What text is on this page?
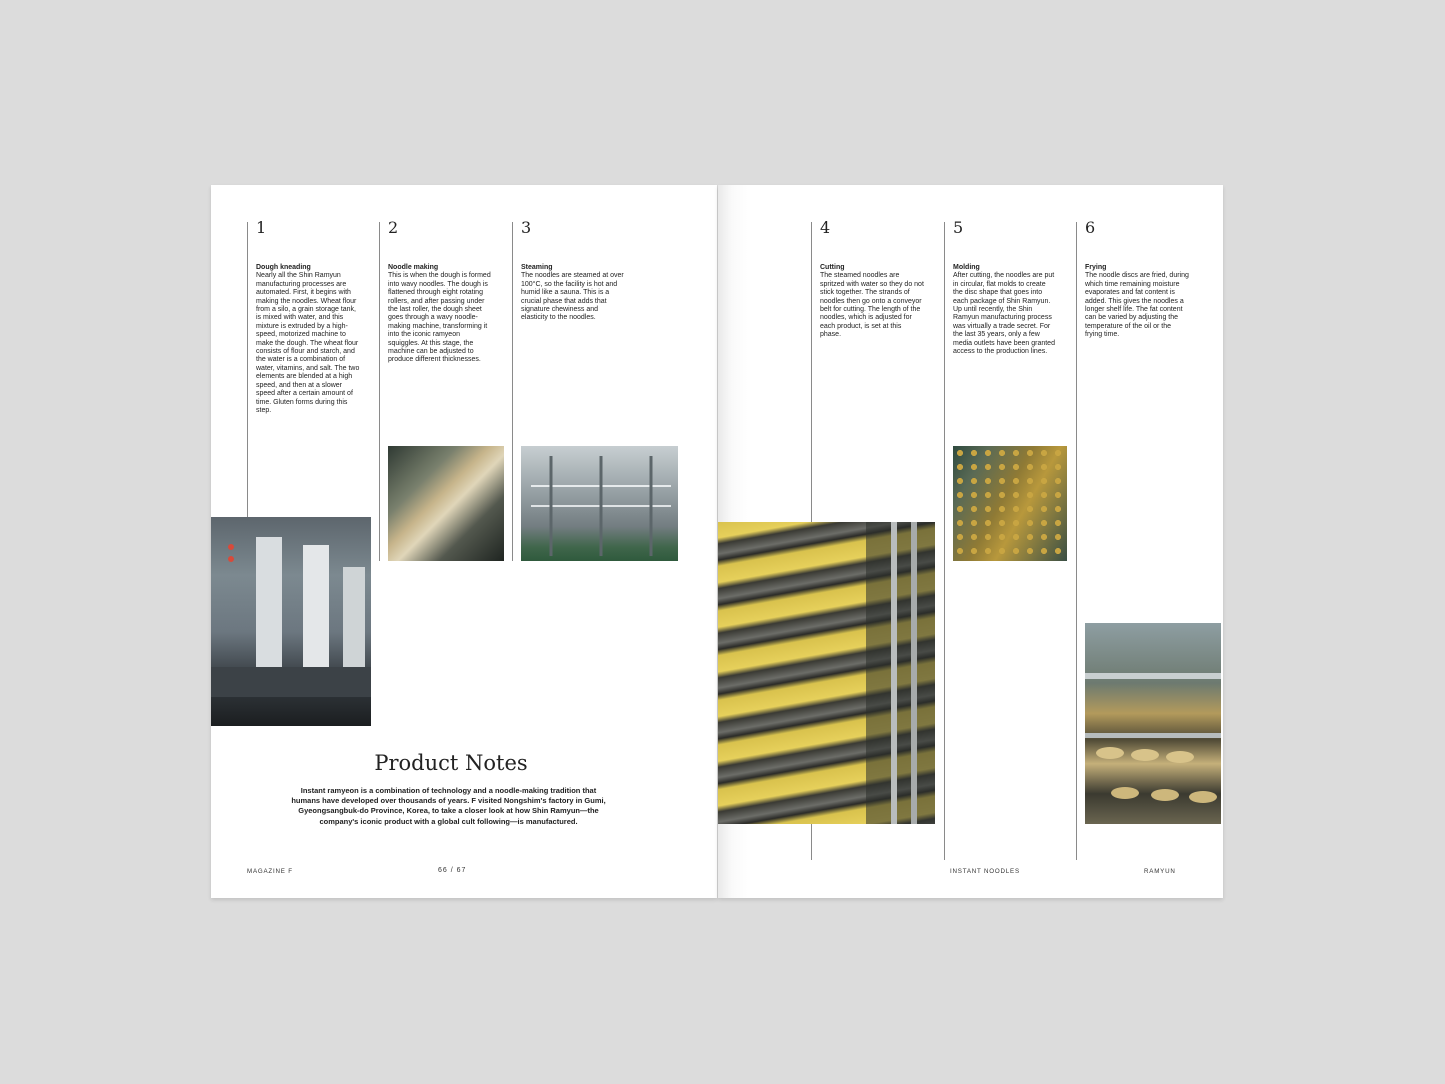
1
Dough kneading
Nearly all the Shin Ramyun manufacturing processes are automated. First, it begins with making the noodles. Wheat flour from a silo, a grain storage tank, is mixed with water, and this mixture is extruded by a high-speed, motorized machine to make the dough. The wheat flour consists of flour and starch, and the water is a combination of water, vitamins, and salt. The two elements are blended at a high speed, and then at a slower speed after a certain amount of time. Gluten forms during this step.
2
Noodle making
This is when the dough is formed into wavy noodles. The dough is flattened through eight rotating rollers, and after passing under the last roller, the dough sheet goes through a wavy noodle-making machine, transforming it into the iconic ramyeon squiggles. At this stage, the machine can be adjusted to produce different thicknesses.
3
Steaming
The noodles are steamed at over 100°C, so the facility is hot and humid like a sauna. This is a crucial phase that adds that signature chewiness and elasticity to the noodles.
Product Notes
Instant ramyeon is a combination of technology and a noodle-making tradition that humans have developed over thousands of years. F visited Nongshim's factory in Gumi, Gyeongsangbuk-do Province, Korea, to take a closer look at how Shin Ramyun—the company's iconic product with a global cult following—is manufactured.
MAGAZINE F	66 / 67
4
Cutting
The steamed noodles are spritzed with water so they do not stick together. The strands of noodles then go onto a conveyor belt for cutting. The length of the noodles, which is adjusted for each product, is set at this phase.
5
Molding
After cutting, the noodles are put in circular, flat molds to create the disc shape that goes into each package of Shin Ramyun. Up until recently, the Shin Ramyun manufacturing process was virtually a trade secret. For the last 35 years, only a few media outlets have been granted access to the production lines.
6
Frying
The noodle discs are fried, during which time remaining moisture evaporates and fat content is added. This gives the noodles a longer shelf life. The fat content can be varied by adjusting the temperature of the oil or the frying time.
INSTANT NOODLES	RAMYUN
